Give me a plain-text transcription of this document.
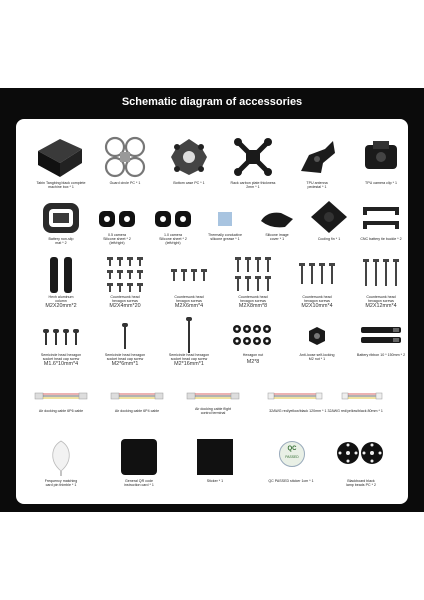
Schematic diagram of accessories
Tabin Tangbing black complete
machine box * 1
Guard circle PC * 1	Bottom case PC * 1	Rack carbon plate thickness
2mm * 1
TPU antenna
pedestal * 1
TPU camera clip * 1
Battery non-slip
mat * 2
0.5 camera
Silicone sheet * 2
(left/right)
1.0 camera
Silicone sheet * 2
(left/right)
Thermally conductive
silicone grease * 1
Silicone image
cover * 1	Cooling fin * 1	CNC battery tie buckle * 2
Hexh aluminum
column
M2X20mm*2
Countersunk head
hexagon screws
M2X4mm*20
Countersunk head
hexagon screws
M2X6mm*4
Countersunk head
hexagon screws
M2X8mm*8
Countersunk head
hexagon screws
M2X10mm*4
Countersunk head
hexagon screws
M2X12mm*4
Semicircle head hexagon
socket head cap screw
M1.6*10mm*4
Semicircle head hexagon
socket head cap screw
M2*6mm*1
Semicircle head hexagon
socket head cap screw
M2*16mm*1
Hexagon nut
M2*8
Anti-loose self-locking
M2 nut * 1
Battery ribbon 10 * 150mm * 2
Air docking cable 6P6 cable	Air docking cable 6P4 cable	Air docking cable flight
control terminal
32AWG red/yellow/black 120mm * 1 32AWG red/yellow/black 80mm * 1
Frequency matching
card pin thimble * 1
General QR code
instruction card * 1
Sticker * 1
QC
PASSED
QC PASSED sticker 1cm * 1	Blackboard black
lamp beads PC * 2
